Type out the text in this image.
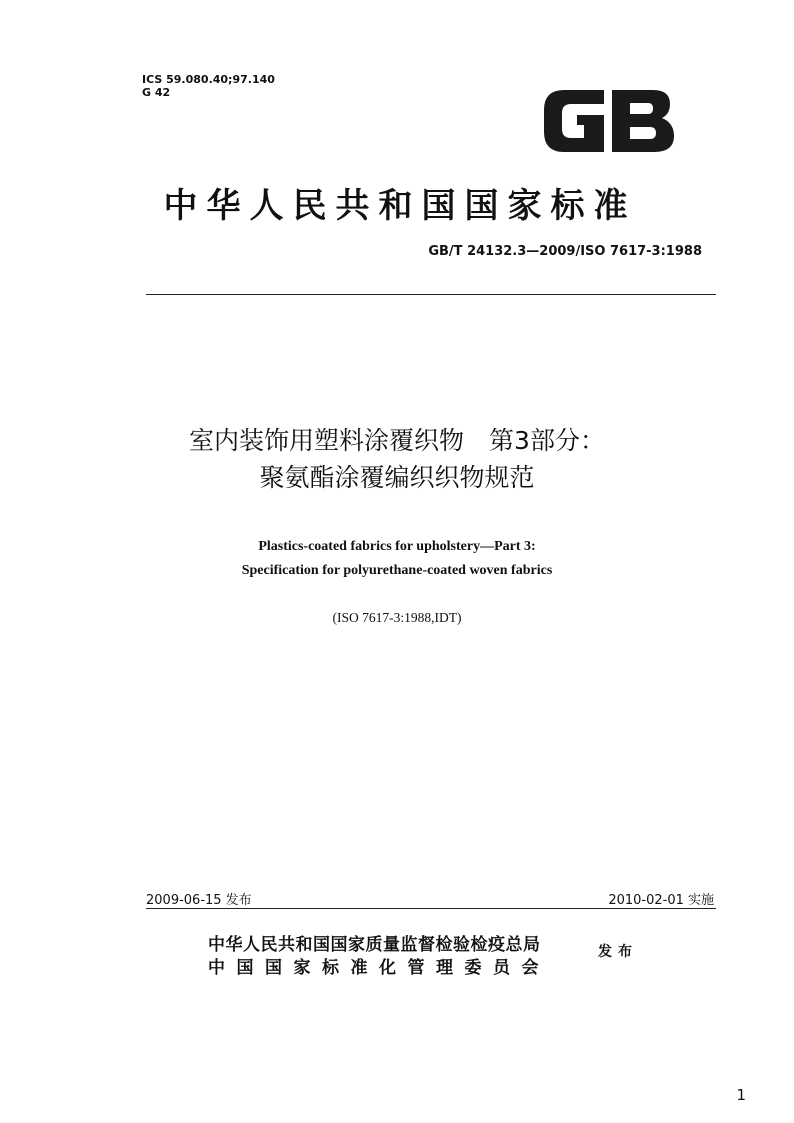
ICS 59.080.40;97.140
G 42
中华人民共和国国家标准
GB/T 24132.3—2009/ISO 7617-3:1988
室内装饰用塑料涂覆织物　第3部分：
聚氨酯涂覆编织织物规范
Plastics-coated fabrics for upholstery—Part 3:
Specification for polyurethane-coated woven fabrics
(ISO 7617-3:1988,IDT)
2009-06-15 发布	2010-02-01 实施
中华人民共和国国家质量监督检验检疫总局
中国国家标准化管理委员会
发布
1
